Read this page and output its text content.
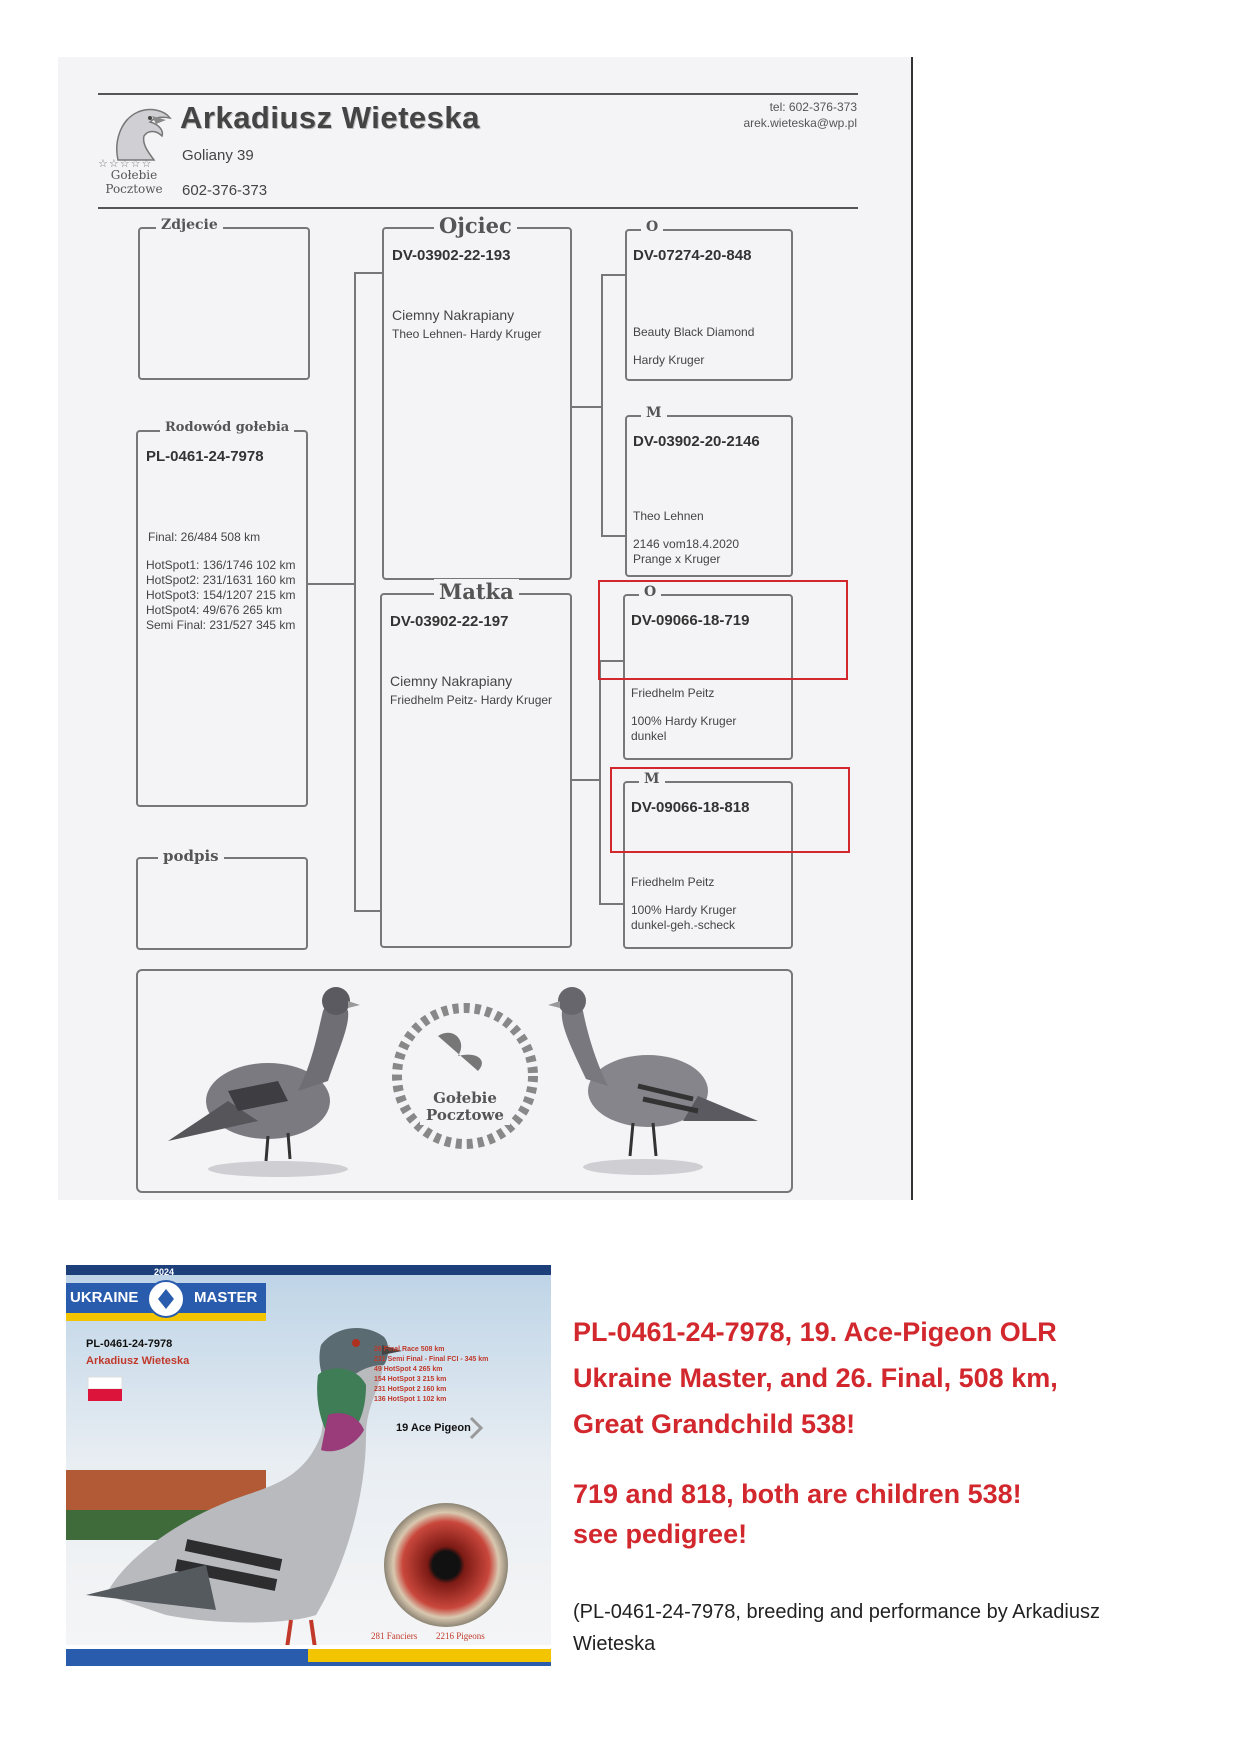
☆☆☆☆☆
Gołebie
Pocztowe
Arkadiusz Wieteska
Goliany 39
602-376-373
tel: 602-376-373
arek.wieteska@wp.pl
Zdjecie
Rodowód gołebia
PL-0461-24-7978
Final: 26/484 508 km
HotSpot1: 136/1746 102 km
HotSpot2: 231/1631 160 km
HotSpot3: 154/1207 215 km
HotSpot4: 49/676 265 km
Semi Final: 231/527 345 km
podpis
Ojciec
DV-03902-22-193
Ciemny Nakrapiany
Theo Lehnen- Hardy Kruger
Matka
DV-03902-22-197
Ciemny Nakrapiany
Friedhelm Peitz- Hardy Kruger
O
DV-07274-20-848
Beauty Black Diamond
Hardy Kruger
M
DV-03902-20-2146
Theo Lehnen
2146 vom18.4.2020
Prange x Kruger
O
DV-09066-18-719
Friedhelm Peitz
100% Hardy Kruger
dunkel
M
DV-09066-18-818
Friedhelm Peitz
100% Hardy Kruger
dunkel-geh.-scheck
Gołebie
Pocztowe
2024
UKRAINE	MASTER
PL-0461-24-7978
Arkadiusz Wieteska
26 Final Race 508 km
231 Semi Final - Final FCI - 345 km
49 HotSpot 4 265 km
154 HotSpot 3 215 km
231 HotSpot 2 160 km
136 HotSpot 1 102 km
19 Ace Pigeon
281 Fanciers 2216 Pigeons
PL-0461-24-7978, 19. Ace-Pigeon OLR
Ukraine Master, and 26. Final, 508 km,
Great Grandchild 538!
719 and 818, both are children 538!
see pedigree!
(PL-0461-24-7978, breeding and performance by Arkadiusz Wieteska
